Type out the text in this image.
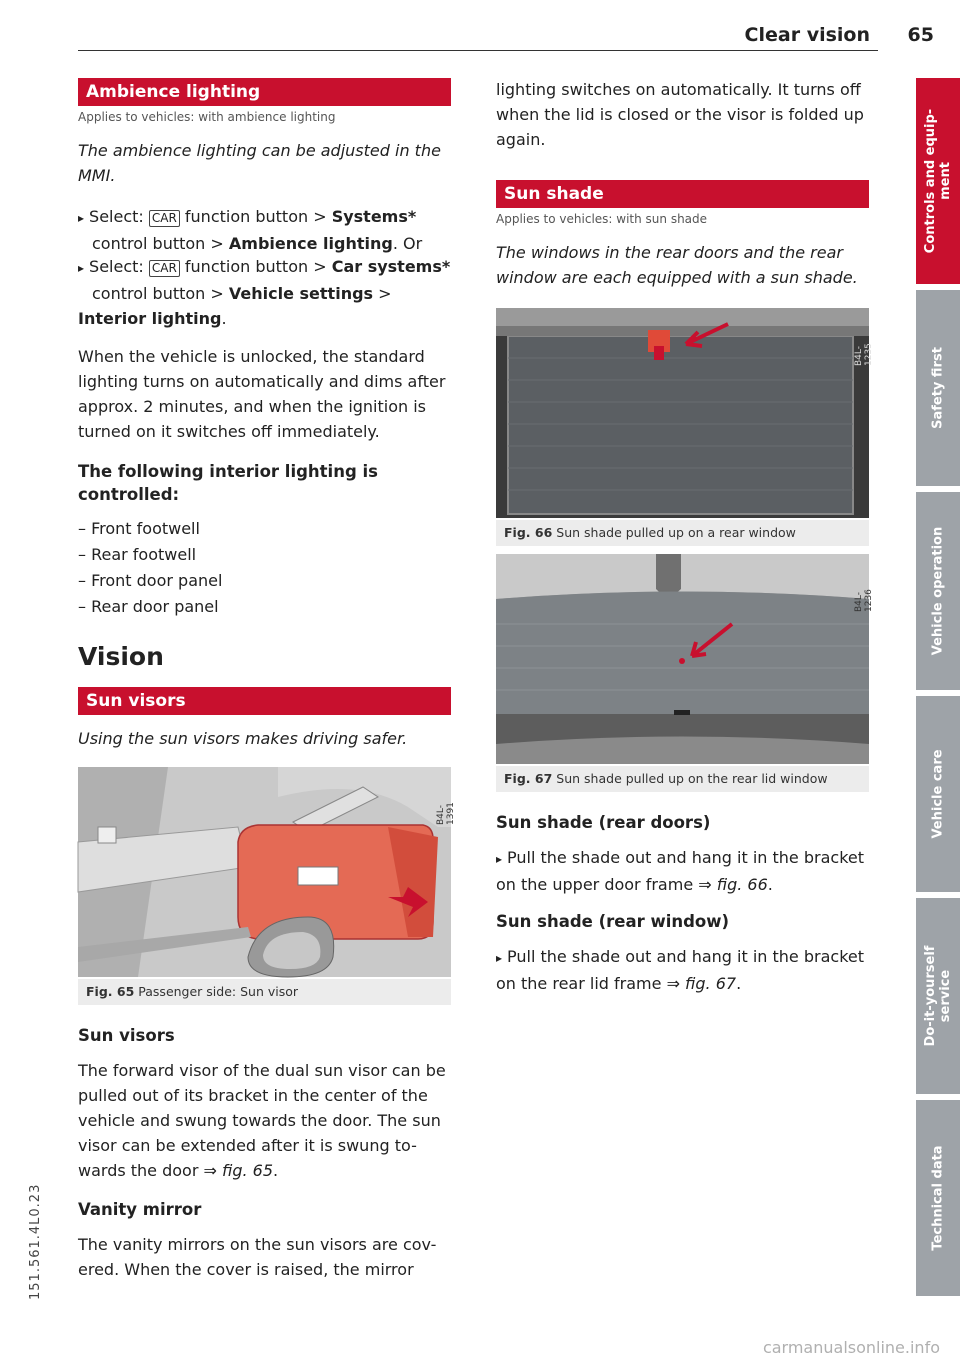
Clear vision 65
Ambience lighting
Applies to vehicles: with ambience lighting
The ambience lighting can be adjusted in the MMI.
▸ Select: CAR function button > Systems*
control button > Ambience lighting. Or
▸ Select: CAR function button > Car systems*
control button > Vehicle settings > Interior lighting.
When the vehicle is unlocked, the standard lighting turns on automatically and dims after approx. 2 minutes, and when the ignition is turned on it switches off immediately.
The following interior lighting is controlled:
– Front footwell
– Rear footwell
– Front door panel
– Rear door panel
Vision
Sun visors
Using the sun visors makes driving safer.
B4L-1391
Fig. 65 Passenger side: Sun visor
Sun visors
The forward visor of the dual sun visor can be pulled out of its bracket in the center of the vehicle and swung towards the door. The sun visor can be extended after it is swung to- wards the door ⇒ fig. 65.
Vanity mirror
The vanity mirrors on the sun visors are cov- ered. When the cover is raised, the mirror
lighting switches on automatically. It turns off when the lid is closed or the visor is folded up again.
Sun shade
Applies to vehicles: with sun shade
The windows in the rear doors and the rear window are each equipped with a sun shade.
B4L-1235
Fig. 66 Sun shade pulled up on a rear window
B4L-1236
Fig. 67 Sun shade pulled up on the rear lid window
Sun shade (rear doors)
▸ Pull the shade out and hang it in the bracket on the upper door frame ⇒ fig. 66.
Sun shade (rear window)
▸ Pull the shade out and hang it in the bracket on the rear lid frame ⇒ fig. 67.
Controls and equip-
ment
Safety first
Vehicle operation
Vehicle care
Do-it-yourself
service
Technical data
151.561.4L0.23
carmanualsonline.info
